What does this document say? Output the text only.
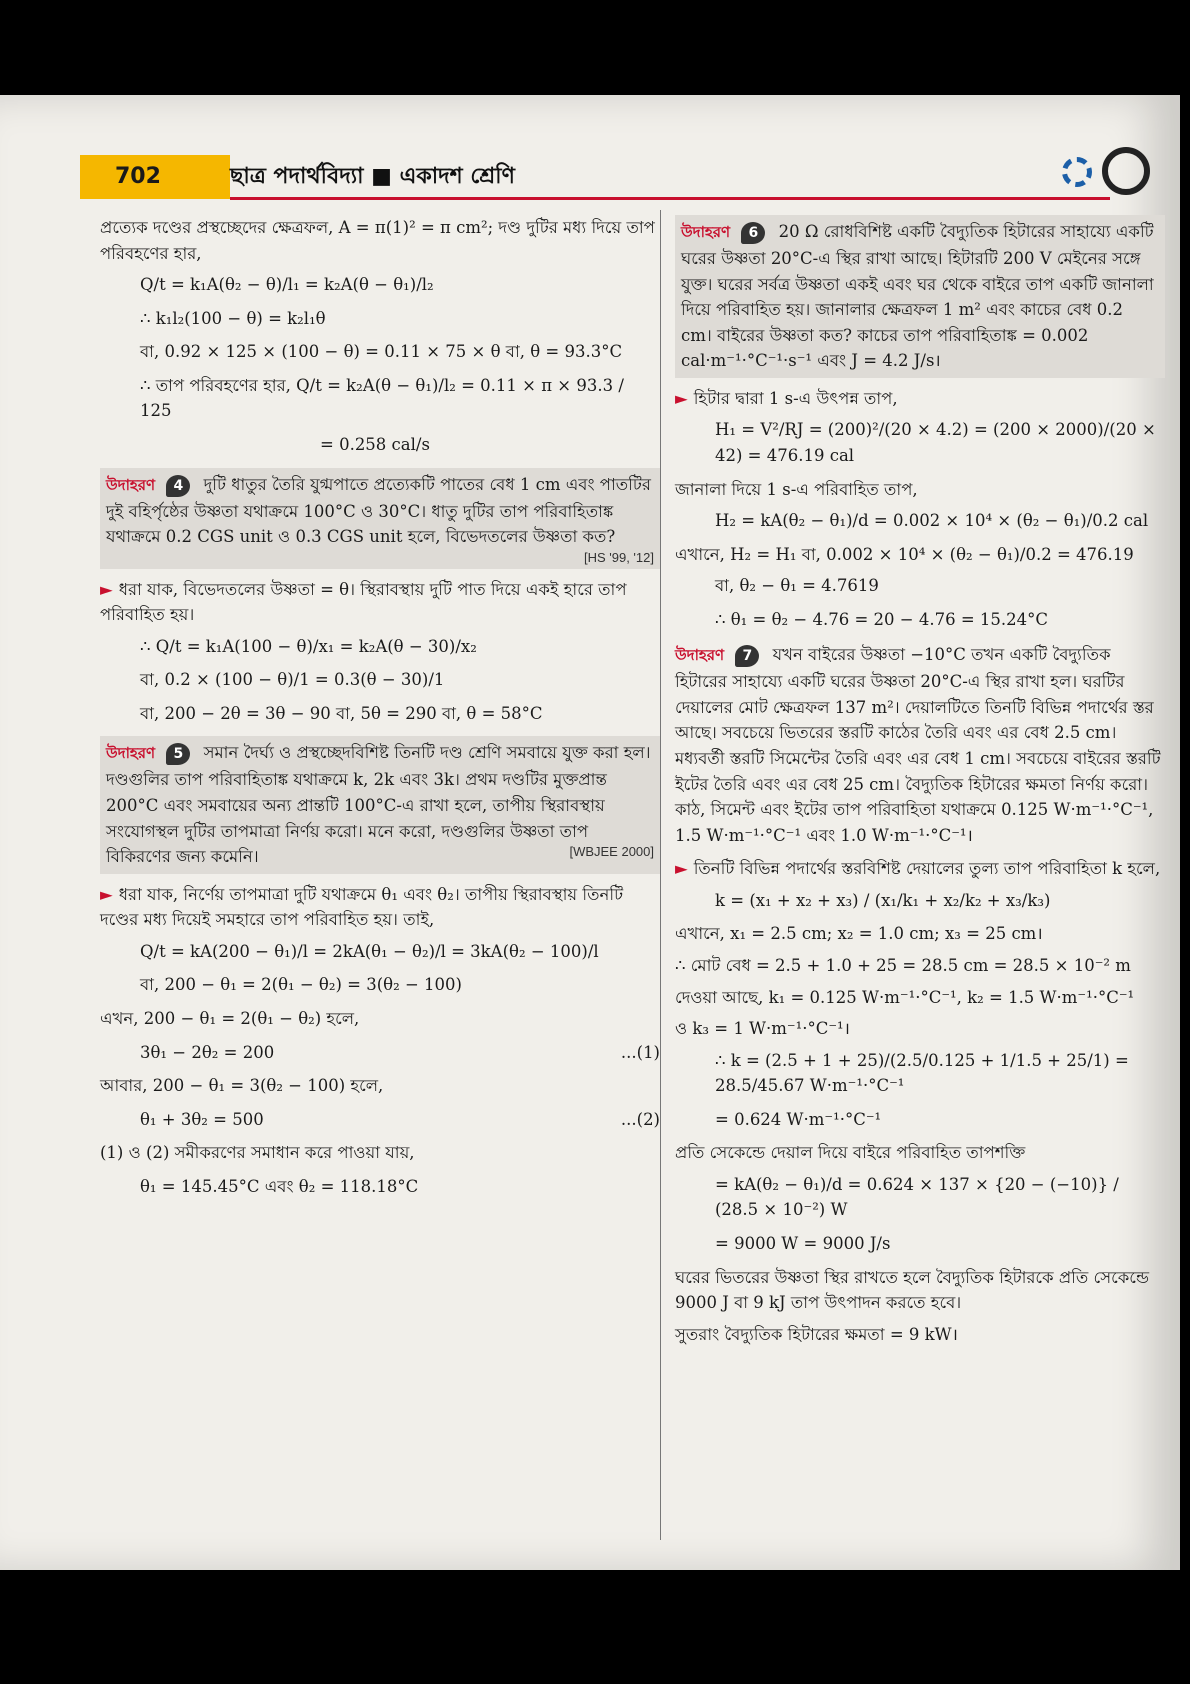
702	ছাত্র পদার্থবিদ্যা ■ একাদশ শ্রেণি

প্রত্যেক দণ্ডের প্রস্থচ্ছেদের ক্ষেত্রফল, A = π(1)² = π cm²; দণ্ড দুটির মধ্য দিয়ে তাপ পরিবহণের হার,

Q/t = k₁A(θ₂ − θ)/l₁ = k₂A(θ − θ₁)/l₂

∴ k₁l₂(100 − θ) = k₂l₁θ

বা, 0.92 × 125 × (100 − θ) = 0.11 × 75 × θ বা, θ = 93.3°C

∴ তাপ পরিবহণের হার, Q/t = k₂A(θ − θ₁)/l₂ = 0.11 × π × 93.3 / 125

= 0.258 cal/s

উদাহরণ 4 দুটি ধাতুর তৈরি যুগ্মপাতে প্রত্যেকটি পাতের বেধ 1 cm এবং পাতটির দুই বহির্পৃষ্ঠের উষ্ণতা যথাক্রমে 100°C ও 30°C। ধাতু দুটির তাপ পরিবাহিতাঙ্ক যথাক্রমে 0.2 CGS unit ও 0.3 CGS unit হলে, বিভেদতলের উষ্ণতা কত?
[HS '99, '12]

► ধরা যাক, বিভেদতলের উষ্ণতা = θ। স্থিরাবস্থায় দুটি পাত দিয়ে একই হারে তাপ পরিবাহিত হয়।

∴ Q/t = k₁A(100 − θ)/x₁ = k₂A(θ − 30)/x₂

বা, 0.2 × (100 − θ)/1 = 0.3(θ − 30)/1

বা, 200 − 2θ = 3θ − 90 বা, 5θ = 290 বা, θ = 58°C

উদাহরণ 5 সমান দৈর্ঘ্য ও প্রস্থচ্ছেদবিশিষ্ট তিনটি দণ্ড শ্রেণি সমবায়ে যুক্ত করা হল। দণ্ডগুলির তাপ পরিবাহিতাঙ্ক যথাক্রমে k, 2k এবং 3k। প্রথম দণ্ডটির মুক্তপ্রান্ত 200°C এবং সমবায়ের অন্য প্রান্তটি 100°C-এ রাখা হলে, তাপীয় স্থিরাবস্থায় সংযোগস্থল দুটির তাপমাত্রা নির্ণয় করো। মনে করো, দণ্ডগুলির উষ্ণতা তাপ বিকিরণের জন্য কমেনি।	[WBJEE 2000]

► ধরা যাক, নির্ণেয় তাপমাত্রা দুটি যথাক্রমে θ₁ এবং θ₂। তাপীয় স্থিরাবস্থায় তিনটি দণ্ডের মধ্য দিয়েই সমহারে তাপ পরিবাহিত হয়। তাই,

Q/t = kA(200 − θ₁)/l = 2kA(θ₁ − θ₂)/l = 3kA(θ₂ − 100)/l

বা, 200 − θ₁ = 2(θ₁ − θ₂) = 3(θ₂ − 100)

এখন, 200 − θ₁ = 2(θ₁ − θ₂) হলে,

3θ₁ − 2θ₂ = 200	...(1)

আবার, 200 − θ₁ = 3(θ₂ − 100) হলে,

θ₁ + 3θ₂ = 500	...(2)

(1) ও (2) সমীকরণের সমাধান করে পাওয়া যায়,

θ₁ = 145.45°C এবং θ₂ = 118.18°C

উদাহরণ 6 20 Ω রোধবিশিষ্ট একটি বৈদ্যুতিক হিটারের সাহায্যে একটি ঘরের উষ্ণতা 20°C-এ স্থির রাখা আছে। হিটারটি 200 V মেইনের সঙ্গে যুক্ত। ঘরের সর্বত্র উষ্ণতা একই এবং ঘর থেকে বাইরে তাপ একটি জানালা দিয়ে পরিবাহিত হয়। জানালার ক্ষেত্রফল 1 m² এবং কাচের বেধ 0.2 cm। বাইরের উষ্ণতা কত? কাচের তাপ পরিবাহিতাঙ্ক = 0.002 cal·m⁻¹·°C⁻¹·s⁻¹ এবং J = 4.2 J/s।

► হিটার দ্বারা 1 s-এ উৎপন্ন তাপ,

H₁ = V²/RJ = (200)²/(20 × 4.2) = (200 × 2000)/(20 × 42) = 476.19 cal

জানালা দিয়ে 1 s-এ পরিবাহিত তাপ,

H₂ = kA(θ₂ − θ₁)/d = 0.002 × 10⁴ × (θ₂ − θ₁)/0.2 cal

এখানে, H₂ = H₁ বা, 0.002 × 10⁴ × (θ₂ − θ₁)/0.2 = 476.19

বা, θ₂ − θ₁ = 4.7619

∴ θ₁ = θ₂ − 4.76 = 20 − 4.76 = 15.24°C

উদাহরণ 7 যখন বাইরের উষ্ণতা −10°C তখন একটি বৈদ্যুতিক হিটারের সাহায্যে একটি ঘরের উষ্ণতা 20°C-এ স্থির রাখা হল। ঘরটির দেয়ালের মোট ক্ষেত্রফল 137 m²। দেয়ালটিতে তিনটি বিভিন্ন পদার্থের স্তর আছে। সবচেয়ে ভিতরের স্তরটি কাঠের তৈরি এবং এর বেধ 2.5 cm। মধ্যবর্তী স্তরটি সিমেন্টের তৈরি এবং এর বেধ 1 cm। সবচেয়ে বাইরের স্তরটি ইটের তৈরি এবং এর বেধ 25 cm। বৈদ্যুতিক হিটারের ক্ষমতা নির্ণয় করো। কাঠ, সিমেন্ট এবং ইটের তাপ পরিবাহিতা যথাক্রমে 0.125 W·m⁻¹·°C⁻¹, 1.5 W·m⁻¹·°C⁻¹ এবং 1.0 W·m⁻¹·°C⁻¹।

► তিনটি বিভিন্ন পদার্থের স্তরবিশিষ্ট দেয়ালের তুল্য তাপ পরিবাহিতা k হলে,

k = (x₁ + x₂ + x₃) / (x₁/k₁ + x₂/k₂ + x₃/k₃)

এখানে, x₁ = 2.5 cm; x₂ = 1.0 cm; x₃ = 25 cm।

∴ মোট বেধ = 2.5 + 1.0 + 25 = 28.5 cm = 28.5 × 10⁻² m

দেওয়া আছে, k₁ = 0.125 W·m⁻¹·°C⁻¹, k₂ = 1.5 W·m⁻¹·°C⁻¹

ও k₃ = 1 W·m⁻¹·°C⁻¹।

∴ k = (2.5 + 1 + 25)/(2.5/0.125 + 1/1.5 + 25/1) = 28.5/45.67 W·m⁻¹·°C⁻¹

= 0.624 W·m⁻¹·°C⁻¹

প্রতি সেকেন্ডে দেয়াল দিয়ে বাইরে পরিবাহিত তাপশক্তি

= kA(θ₂ − θ₁)/d = 0.624 × 137 × {20 − (−10)} / (28.5 × 10⁻²) W

= 9000 W = 9000 J/s

ঘরের ভিতরের উষ্ণতা স্থির রাখতে হলে বৈদ্যুতিক হিটারকে প্রতি সেকেন্ডে 9000 J বা 9 kJ তাপ উৎপাদন করতে হবে।

সুতরাং বৈদ্যুতিক হিটারের ক্ষমতা = 9 kW।
